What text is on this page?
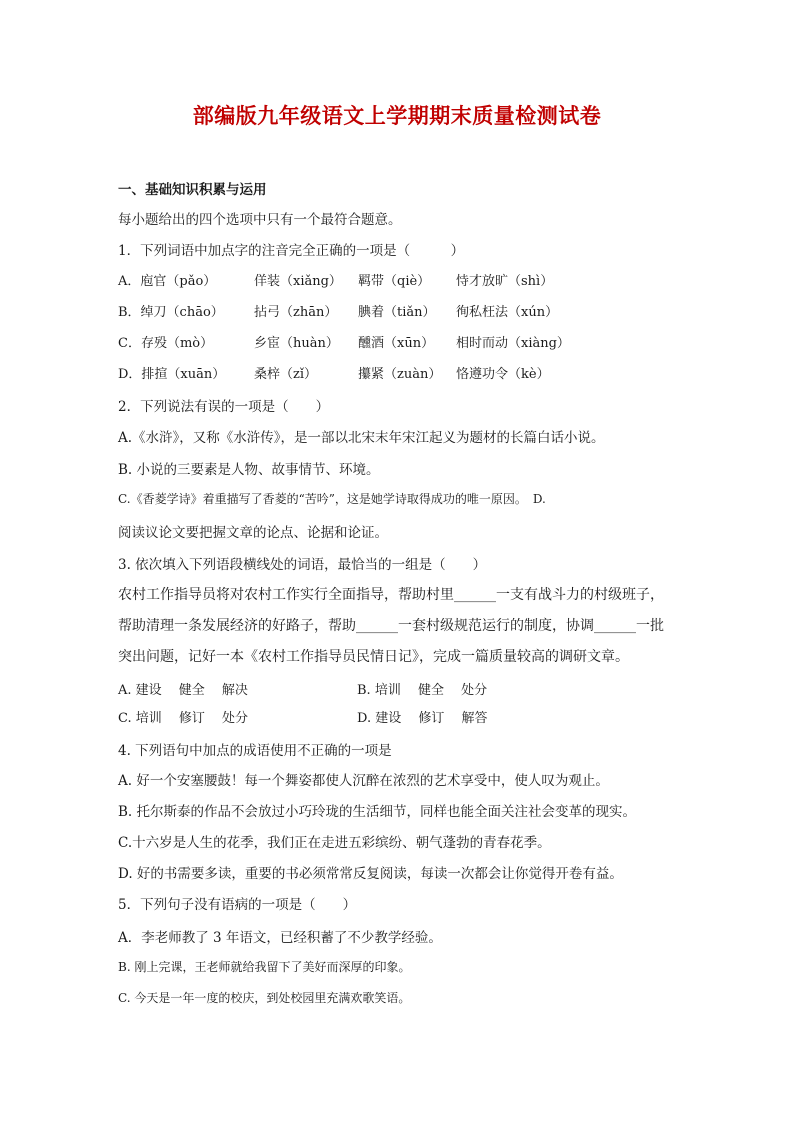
部编版九年级语文上学期期末质量检测试卷
一、基础知识积累与运用
每小题给出的四个选项中只有一个最符合题意。
1．下列词语中加点字的注音完全正确的一项是（　　　）
A．庖官（pǎo）	佯装（xiǎng） 羁带（qiè） 恃才放旷（shì）
B．绰刀（chāo） 拈弓（zhān） 腆着（tiǎn） 徇私枉法（xún）
C．存殁（mò）	乡宦（huàn） 醺酒（xūn） 相时而动（xiàng）
D．排揎（xuān） 桑梓（zǐ）	攥紧（zuàn） 恪遵功令（kè）
2．下列说法有误的一项是（　　）
A.《水浒》，又称《水浒传》，是一部以北宋末年宋江起义为题材的长篇白话小说。
B. 小说的三要素是人物、故事情节、环境。
C.《香菱学诗》着重描写了香菱的“苦吟”，这是她学诗取得成功的唯一原因。　D.
阅读议论文要把握文章的论点、论据和论证。
3. 依次填入下列语段横线处的词语，最恰当的一组是（　　）
农村工作指导员将对农村工作实行全面指导，帮助村里______一支有战斗力的村级班子，
帮助清理一条发展经济的好路子，帮助______一套村级规范运行的制度，协调______一批
突出问题，记好一本《农村工作指导员民情日记》，完成一篇质量较高的调研文章。
A. 建设　 健全　 解决	B. 培训　 健全　 处分
C. 培训　 修订　 处分	D. 建设　 修订　 解答
4. 下列语句中加点的成语使用不正确的一项是
A. 好一个安塞腰鼓！每一个舞姿都使人沉醉在浓烈的艺术享受中，使人叹为观止。
B. 托尔斯泰的作品不会放过小巧玲珑的生活细节，同样也能全面关注社会变革的现实。
C.十六岁是人生的花季，我们正在走进五彩缤纷、朝气蓬勃的青春花季。
D. 好的书需要多读，重要的书必须常常反复阅读，每读一次都会让你觉得开卷有益。
5．下列句子没有语病的一项是（　　）
A．李老师教了 3 年语文，已经积蓄了不少教学经验。
B. 刚上完课，王老师就给我留下了美好而深厚的印象。
C. 今天是一年一度的校庆，到处校园里充满欢歌笑语。
